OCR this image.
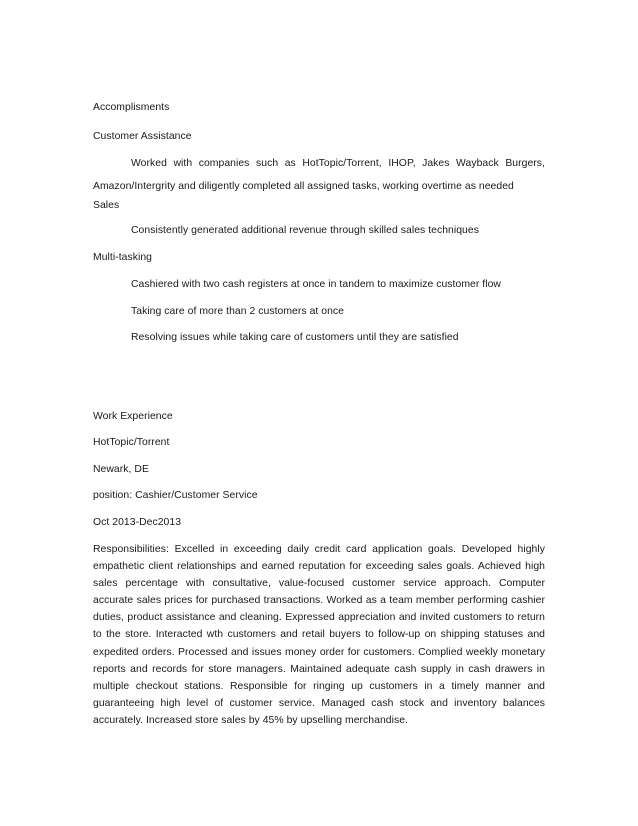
Accomplisments
Customer Assistance
Worked with companies such as HotTopic/Torrent, IHOP, Jakes Wayback Burgers, Amazon/Intergrity and diligently completed all assigned tasks, working overtime as needed
Sales
Consistently generated additional revenue through skilled sales techniques
Multi-tasking
Cashiered with two cash registers at once in tandem to maximize customer flow
Taking care of more than 2 customers at once
Resolving issues while taking care of customers until they are satisfied
Work Experience
HotTopic/Torrent
Newark, DE
position: Cashier/Customer Service
Oct 2013-Dec2013
Responsibilities: Excelled in exceeding daily credit card application goals. Developed highly empathetic client relationships and earned reputation for exceeding sales goals. Achieved high sales percentage with consultative, value-focused customer service approach. Computer accurate sales prices for purchased transactions. Worked as a team member performing cashier duties, product assistance and cleaning. Expressed appreciation and invited customers to return to the store. Interacted wth customers and retail buyers to follow-up on shipping statuses and expedited orders. Processed and issues money order for customers. Complied weekly monetary reports and records for store managers. Maintained adequate cash supply in cash drawers in multiple checkout stations. Responsible for ringing up customers in a timely manner and guaranteeing high level of customer service. Managed cash stock and inventory balances accurately. Increased store sales by 45% by upselling merchandise.
